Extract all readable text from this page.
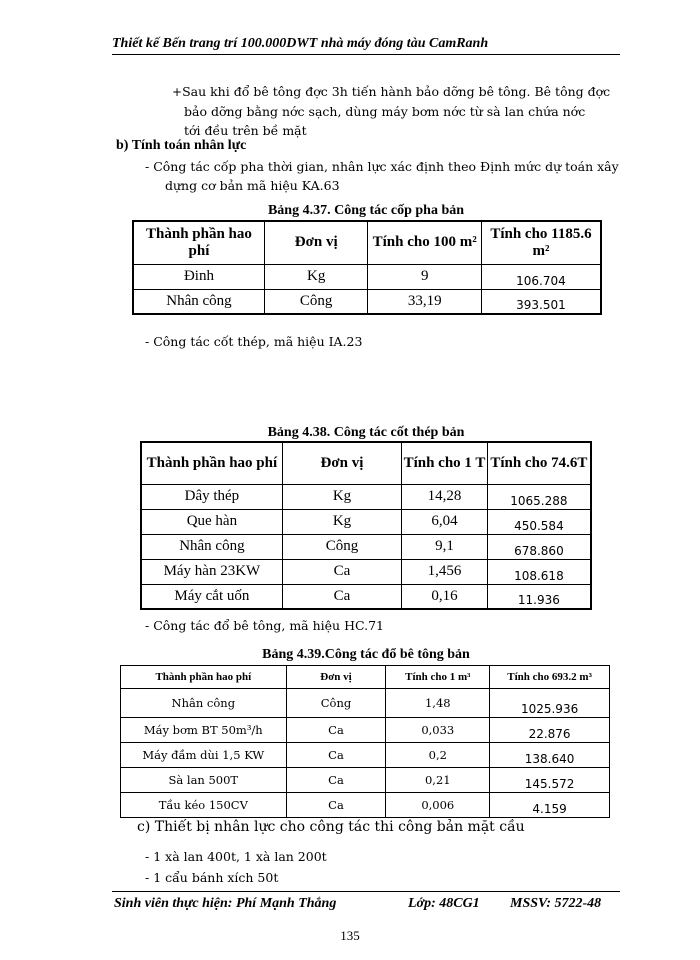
Thiết kế Bến trang trí 100.000DWT nhà máy đóng tàu CamRanh

+Sau khi đổ bê tông đợc 3h tiến hành bảo dỡng bê tông. Bê tông đợc

bảo dỡng bằng nớc sạch, dùng máy bơm nớc từ sà lan chứa nớc

tới đều trên bề mặt

b) Tính toán nhân lực

- Công tác cốp pha thời gian, nhân lực xác định theo Định mức dự toán xây

dựng cơ bản mã hiệu KA.63

Bảng 4.37. Công tác cốp pha bản
Thành phần hao phí	Đơn vị	Tính cho 100 m²	Tính cho 1185.6 m²
Đinh	Kg	9	106.704
Nhân công	Công	33,19	393.501

- Công tác cốt thép, mã hiệu IA.23

Bảng 4.38. Công tác cốt thép bản
Thành phần hao phí	Đơn vị	Tính cho 1 T	Tính cho 74.6T
Dây thép	Kg	14,28	1065.288
Que hàn	Kg	6,04	450.584
Nhân công	Công	9,1	678.860
Máy hàn 23KW	Ca	1,456	108.618
Máy cắt uốn	Ca	0,16	11.936

- Công tác đổ bê tông, mã hiệu HC.71

Bảng 4.39.Công tác đổ bê tông bản
Thành phần hao phí	Đơn vị	Tính cho 1 m³	Tính cho 693.2 m³
Nhân công	Công	1,48	1025.936
Máy bơm BT 50m³/h	Ca	0,033	22.876
Máy đầm dùi 1,5 KW	Ca	0,2	138.640
Sà lan 500T	Ca	0,21	145.572
Tầu kéo 150CV	Ca	0,006	4.159
c) Thiết bị nhân lực cho công tác thi công bản mặt cầu

- 1 xà lan 400t, 1 xà lan 200t

- 1 cẩu bánh xích 50t

Sinh viên thực hiện: Phí Mạnh Thắng	Lớp: 48CG1 MSSV: 5722-48
135
